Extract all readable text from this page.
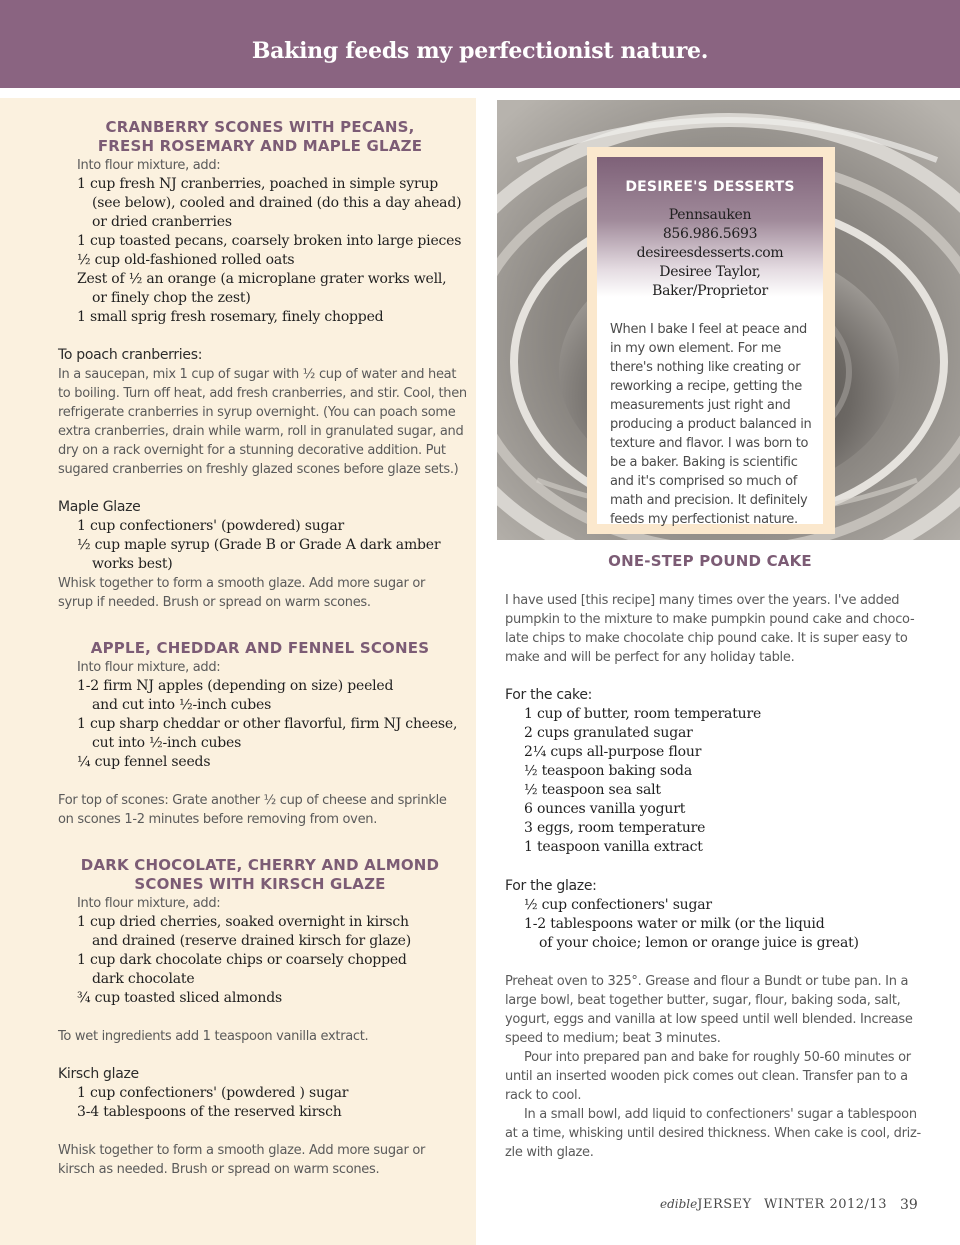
Baking feeds my perfectionist nature.
CRANBERRY SCONES WITH PECANS,
FRESH ROSEMARY AND MAPLE GLAZE
Into flour mixture, add:
1 cup fresh NJ cranberries, poached in simple syrup
(see below), cooled and drained (do this a day ahead)
or dried cranberries
1 cup toasted pecans, coarsely broken into large pieces
½ cup old-fashioned rolled oats
Zest of ½ an orange (a microplane grater works well,
or finely chop the zest)
1 small sprig fresh rosemary, finely chopped
To poach cranberries:
In a saucepan, mix 1 cup of sugar with ½ cup of water and heat
to boiling. Turn off heat, add fresh cranberries, and stir. Cool, then
refrigerate cranberries in syrup overnight. (You can poach some
extra cranberries, drain while warm, roll in granulated sugar, and
dry on a rack overnight for a stunning decorative addition. Put
sugared cranberries on freshly glazed scones before glaze sets.)
Maple Glaze
1 cup confectioners' (powdered) sugar
½ cup maple syrup (Grade B or Grade A dark amber
works best)
Whisk together to form a smooth glaze. Add more sugar or
syrup if needed. Brush or spread on warm scones.
APPLE, CHEDDAR AND FENNEL SCONES
Into flour mixture, add:
1-2 firm NJ apples (depending on size) peeled
and cut into ½-inch cubes
1 cup sharp cheddar or other flavorful, firm NJ cheese,
cut into ½-inch cubes
¼ cup fennel seeds
For top of scones: Grate another ½ cup of cheese and sprinkle
on scones 1-2 minutes before removing from oven.
DARK CHOCOLATE, CHERRY AND ALMOND
SCONES WITH KIRSCH GLAZE
Into flour mixture, add:
1 cup dried cherries, soaked overnight in kirsch
and drained (reserve drained kirsch for glaze)
1 cup dark chocolate chips or coarsely chopped
dark chocolate
¾ cup toasted sliced almonds
To wet ingredients add 1 teaspoon vanilla extract.
Kirsch glaze
1 cup confectioners' (powdered ) sugar
3-4 tablespoons of the reserved kirsch
Whisk together to form a smooth glaze. Add more sugar or
kirsch as needed. Brush or spread on warm scones.
DESIREE'S DESSERTS
Pennsauken
856.986.5693
desireesdesserts.com
Desiree Taylor,
Baker/Proprietor
When I bake I feel at peace and
in my own element. For me
there's nothing like creating or
reworking a recipe, getting the
measurements just right and
producing a product balanced in
texture and flavor. I was born to
be a baker. Baking is scientific
and it's comprised so much of
math and precision. It definitely
feeds my perfectionist nature.
ONE-STEP POUND CAKE
I have used [this recipe] many times over the years. I've added
pumpkin to the mixture to make pumpkin pound cake and choco-
late chips to make chocolate chip pound cake. It is super easy to
make and will be perfect for any holiday table.
For the cake:
1 cup of butter, room temperature
2 cups granulated sugar
2¼ cups all-purpose flour
½ teaspoon baking soda
½ teaspoon sea salt
6 ounces vanilla yogurt
3 eggs, room temperature
1 teaspoon vanilla extract
For the glaze:
½ cup confectioners' sugar
1-2 tablespoons water or milk (or the liquid
of your choice; lemon or orange juice is great)
Preheat oven to 325°. Grease and flour a Bundt or tube pan. In a
large bowl, beat together butter, sugar, flour, baking soda, salt,
yogurt, eggs and vanilla at low speed until well blended. Increase
speed to medium; beat 3 minutes.
Pour into prepared pan and bake for roughly 50-60 minutes or
until an inserted wooden pick comes out clean. Transfer pan to a
rack to cool.
In a small bowl, add liquid to confectioners' sugar a tablespoon
at a time, whisking until desired thickness. When cake is cool, driz-
zle with glaze.
edibleJERSEY WINTER 2012/13 39
